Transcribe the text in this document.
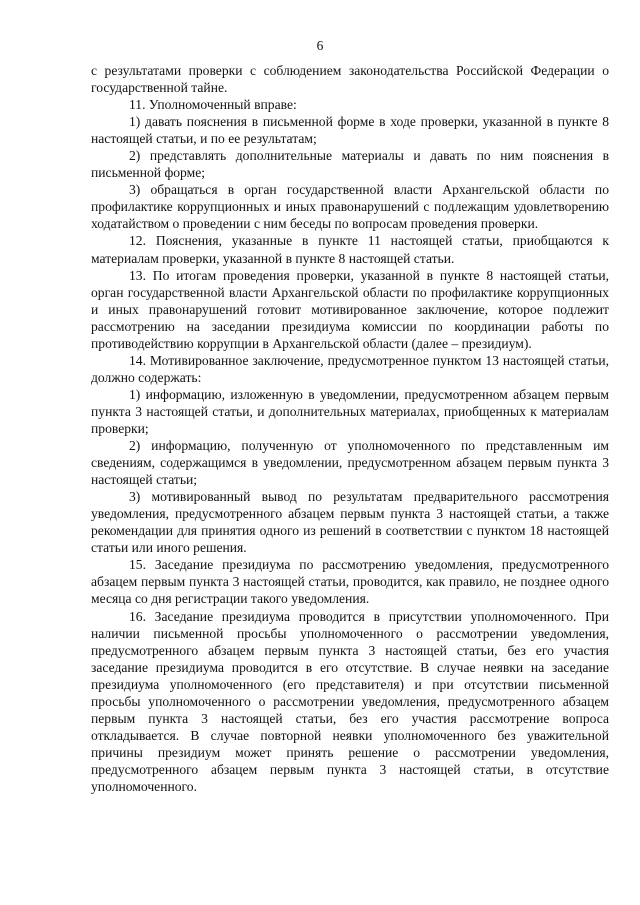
6

с результатами проверки с соблюдением законодательства Российской Федерации о государственной тайне.

11. Уполномоченный вправе:

1) давать пояснения в письменной форме в ходе проверки, указанной в пункте 8 настоящей статьи, и по ее результатам;

2) представлять дополнительные материалы и давать по ним пояснения в письменной форме;

3) обращаться в орган государственной власти Архангельской области по профилактике коррупционных и иных правонарушений с подлежащим удовлетворению ходатайством о проведении с ним беседы по вопросам проведения проверки.

12. Пояснения, указанные в пункте 11 настоящей статьи, приобщаются к материалам проверки, указанной в пункте 8 настоящей статьи.

13. По итогам проведения проверки, указанной в пункте 8 настоящей статьи, орган государственной власти Архангельской области по профилактике коррупционных и иных правонарушений готовит мотивированное заключение, которое подлежит рассмотрению на заседании президиума комиссии по координации работы по противодействию коррупции в Архангельской области (далее – президиум).

14. Мотивированное заключение, предусмотренное пунктом 13 настоящей статьи, должно содержать:

1) информацию, изложенную в уведомлении, предусмотренном абзацем первым пункта 3 настоящей статьи, и дополнительных материалах, приобщенных к материалам проверки;

2) информацию, полученную от уполномоченного по представленным им сведениям, содержащимся в уведомлении, предусмотренном абзацем первым пункта 3 настоящей статьи;

3) мотивированный вывод по результатам предварительного рассмотрения уведомления, предусмотренного абзацем первым пункта 3 настоящей статьи, а также рекомендации для принятия одного из решений в соответствии с пунктом 18 настоящей статьи или иного решения.

15. Заседание президиума по рассмотрению уведомления, предусмотренного абзацем первым пункта 3 настоящей статьи, проводится, как правило, не позднее одного месяца со дня регистрации такого уведомления.

16. Заседание президиума проводится в присутствии уполномоченного. При наличии письменной просьбы уполномоченного о рассмотрении уведомления, предусмотренного абзацем первым пункта 3 настоящей статьи, без его участия заседание президиума проводится в его отсутствие. В случае неявки на заседание президиума уполномоченного (его представителя) и при отсутствии письменной просьбы уполномоченного о рассмотрении уведомления, предусмотренного абзацем первым пункта 3 настоящей статьи, без его участия рассмотрение вопроса откладывается. В случае повторной неявки уполномоченного без уважительной причины президиум может принять решение о рассмотрении уведомления, предусмотренного абзацем первым пункта 3 настоящей статьи, в отсутствие уполномоченного.
